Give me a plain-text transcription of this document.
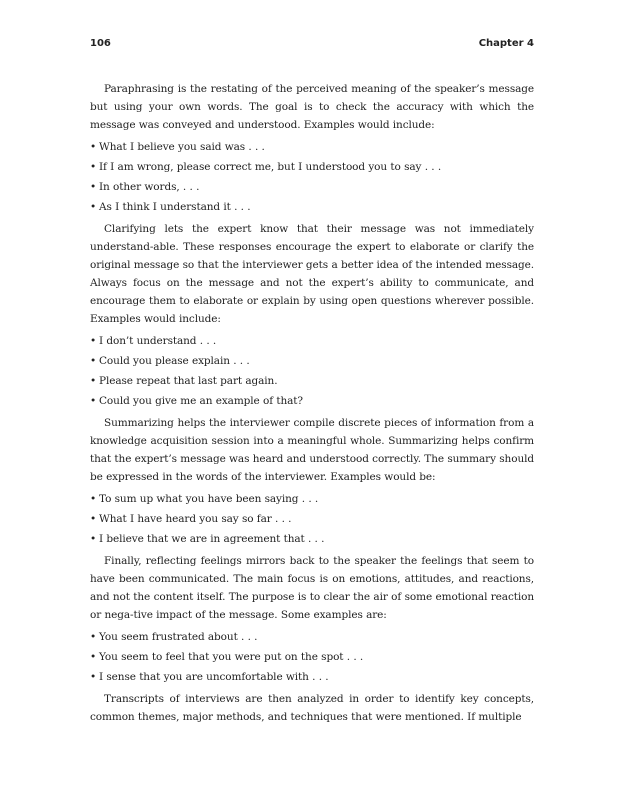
106	Chapter 4

Paraphrasing is the restating of the perceived meaning of the speaker’s message but using your own words. The goal is to check the accuracy with which the message was conveyed and understood. Examples would include:

• What I believe you said was . . .
• If I am wrong, please correct me, but I understood you to say . . .
• In other words, . . .
• As I think I understand it . . .

Clarifying lets the expert know that their message was not immediately understand-able. These responses encourage the expert to elaborate or clarify the original message so that the interviewer gets a better idea of the intended message. Always focus on the message and not the expert’s ability to communicate, and encourage them to elaborate or explain by using open questions wherever possible. Examples would include:

• I don’t understand . . .
• Could you please explain . . .
• Please repeat that last part again.
• Could you give me an example of that?

Summarizing helps the interviewer compile discrete pieces of information from a knowledge acquisition session into a meaningful whole. Summarizing helps confirm that the expert’s message was heard and understood correctly. The summary should be expressed in the words of the interviewer. Examples would be:

• To sum up what you have been saying . . .
• What I have heard you say so far . . .
• I believe that we are in agreement that . . .

Finally, reflecting feelings mirrors back to the speaker the feelings that seem to have been communicated. The main focus is on emotions, attitudes, and reactions, and not the content itself. The purpose is to clear the air of some emotional reaction or nega-tive impact of the message. Some examples are:

• You seem frustrated about . . .
• You seem to feel that you were put on the spot . . .
• I sense that you are uncomfortable with . . .

Transcripts of interviews are then analyzed in order to identify key concepts, common themes, major methods, and techniques that were mentioned. If multiple
